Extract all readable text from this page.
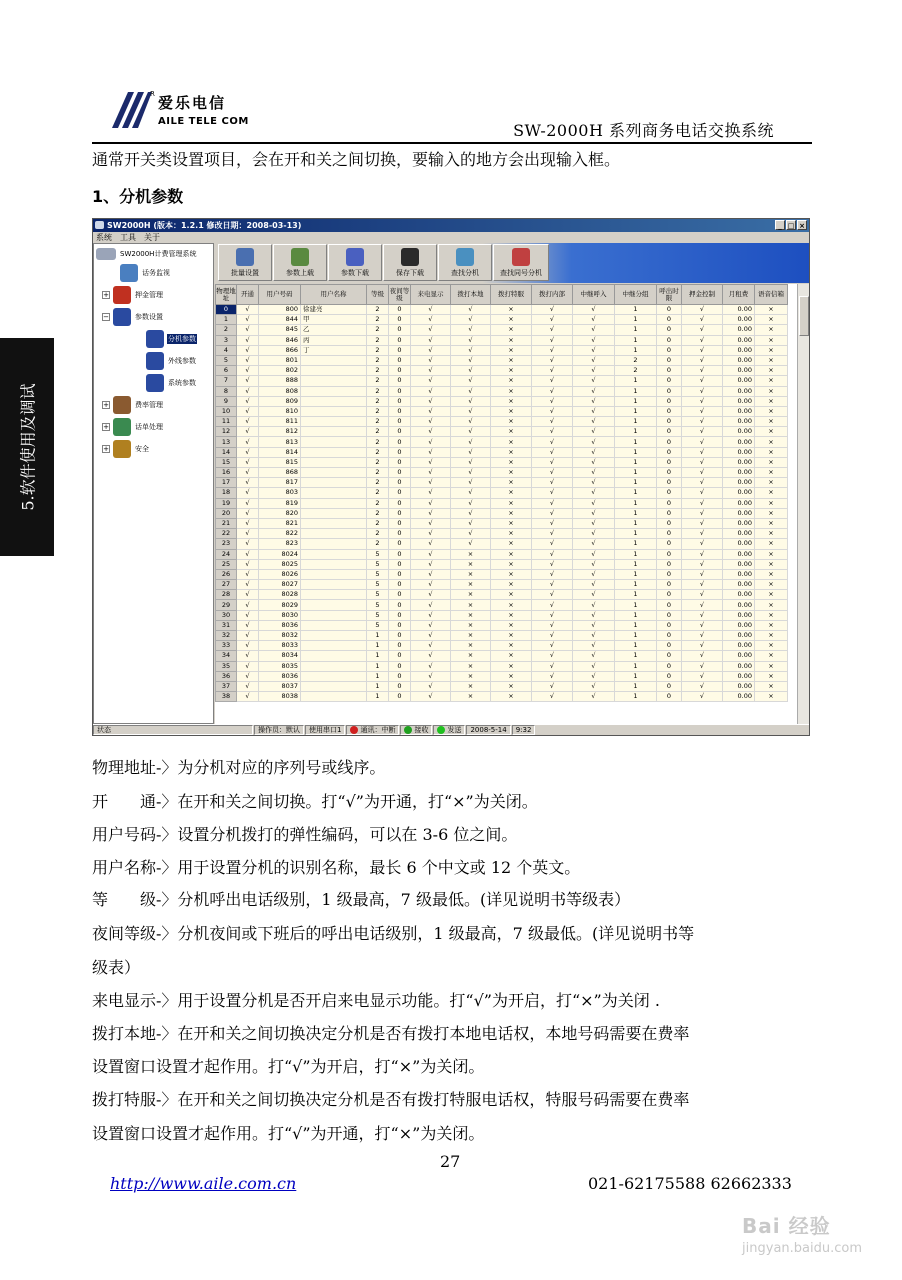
R 爱乐电信
AILE TELE COM	SW-2000H 系列商务电话交换系统
5.软件使用及调试
通常开关类设置项目，会在开和关之间切换，要输入的地方会出现输入框。
1、分机参数
SW2000H (版本：1.2.1 修改日期：2008-03-13)	_ □ ×
系统 工具 关于
SW2000H计费管理系统
话务监视
+	押金管理
−	参数设置
分机参数
外线参数
系统参数
+	费率管理
+	话单处理
+	安全
批量设置	参数上载	参数下载	保存下载	查找分机	查找同号分机
物理地址	开通	用户号码	用户名称	等级	夜间等级	来电显示	拨打本地	拨打特服	拨打内部	中继呼入	中继分组	呼出时限	押金控制	月租费	语音信箱
0	√	800	徐建亮	2	0	√	√	×	√	√	1	0	√	0.00	×
1	√	844	甲	2	0	√	√	×	√	√	1	0	√	0.00	×
2	√	845	乙	2	0	√	√	×	√	√	1	0	√	0.00	×
3	√	846	丙	2	0	√	√	×	√	√	1	0	√	0.00	×
4	√	866	丁	2	0	√	√	×	√	√	1	0	√	0.00	×
5	√	801		2	0	√	√	×	√	√	2	0	√	0.00	×
6	√	802		2	0	√	√	×	√	√	2	0	√	0.00	×
7	√	888		2	0	√	√	×	√	√	1	0	√	0.00	×
8	√	808		2	0	√	√	×	√	√	1	0	√	0.00	×
9	√	809		2	0	√	√	×	√	√	1	0	√	0.00	×
10	√	810		2	0	√	√	×	√	√	1	0	√	0.00	×
11	√	811		2	0	√	√	×	√	√	1	0	√	0.00	×
12	√	812		2	0	√	√	×	√	√	1	0	√	0.00	×
13	√	813		2	0	√	√	×	√	√	1	0	√	0.00	×
14	√	814		2	0	√	√	×	√	√	1	0	√	0.00	×
15	√	815		2	0	√	√	×	√	√	1	0	√	0.00	×
16	√	868		2	0	√	√	×	√	√	1	0	√	0.00	×
17	√	817		2	0	√	√	×	√	√	1	0	√	0.00	×
18	√	803		2	0	√	√	×	√	√	1	0	√	0.00	×
19	√	819		2	0	√	√	×	√	√	1	0	√	0.00	×
20	√	820		2	0	√	√	×	√	√	1	0	√	0.00	×
21	√	821		2	0	√	√	×	√	√	1	0	√	0.00	×
22	√	822		2	0	√	√	×	√	√	1	0	√	0.00	×
23	√	823		2	0	√	√	×	√	√	1	0	√	0.00	×
24	√	8024		5	0	√	×	×	√	√	1	0	√	0.00	×
25	√	8025		5	0	√	×	×	√	√	1	0	√	0.00	×
26	√	8026		5	0	√	×	×	√	√	1	0	√	0.00	×
27	√	8027		5	0	√	×	×	√	√	1	0	√	0.00	×
28	√	8028		5	0	√	×	×	√	√	1	0	√	0.00	×
29	√	8029		5	0	√	×	×	√	√	1	0	√	0.00	×
30	√	8030		5	0	√	×	×	√	√	1	0	√	0.00	×
31	√	8036		5	0	√	×	×	√	√	1	0	√	0.00	×
32	√	8032		1	0	√	×	×	√	√	1	0	√	0.00	×
33	√	8033		1	0	√	×	×	√	√	1	0	√	0.00	×
34	√	8034		1	0	√	×	×	√	√	1	0	√	0.00	×
35	√	8035		1	0	√	×	×	√	√	1	0	√	0.00	×
36	√	8036		1	0	√	×	×	√	√	1	0	√	0.00	×
37	√	8037		1	0	√	×	×	√	√	1	0	√	0.00	×
38	√	8038		1	0	√	×	×	√	√	1	0	√	0.00	×
状态	操作员：默认	使用串口1	通讯：中断	接收	发送	2008-5-14	9:32
物理地址-〉为分机对应的序列号或线序。
开　　通-〉在开和关之间切换。打“√”为开通，打“×”为关闭。
用户号码-〉设置分机拨打的弹性编码，可以在 3-6 位之间。
用户名称-〉用于设置分机的识别名称，最长 6 个中文或 12 个英文。
等　　级-〉分机呼出电话级别，1 级最高，7 级最低。(详见说明书等级表）
夜间等级-〉分机夜间或下班后的呼出电话级别，1 级最高，7 级最低。(详见说明书等
级表）
来电显示-〉用于设置分机是否开启来电显示功能。打“√”为开启，打“×”为关闭 .
拨打本地-〉在开和关之间切换决定分机是否有拨打本地电话权，本地号码需要在费率
设置窗口设置才起作用。打“√”为开启，打“×”为关闭。
拨打特服-〉在开和关之间切换决定分机是否有拨打特服电话权，特服号码需要在费率
设置窗口设置才起作用。打“√”为开通，打“×”为关闭。
27
http://www.aile.com.cn	021-62175588 62662333
Bai 经验
jingyan.baidu.com
